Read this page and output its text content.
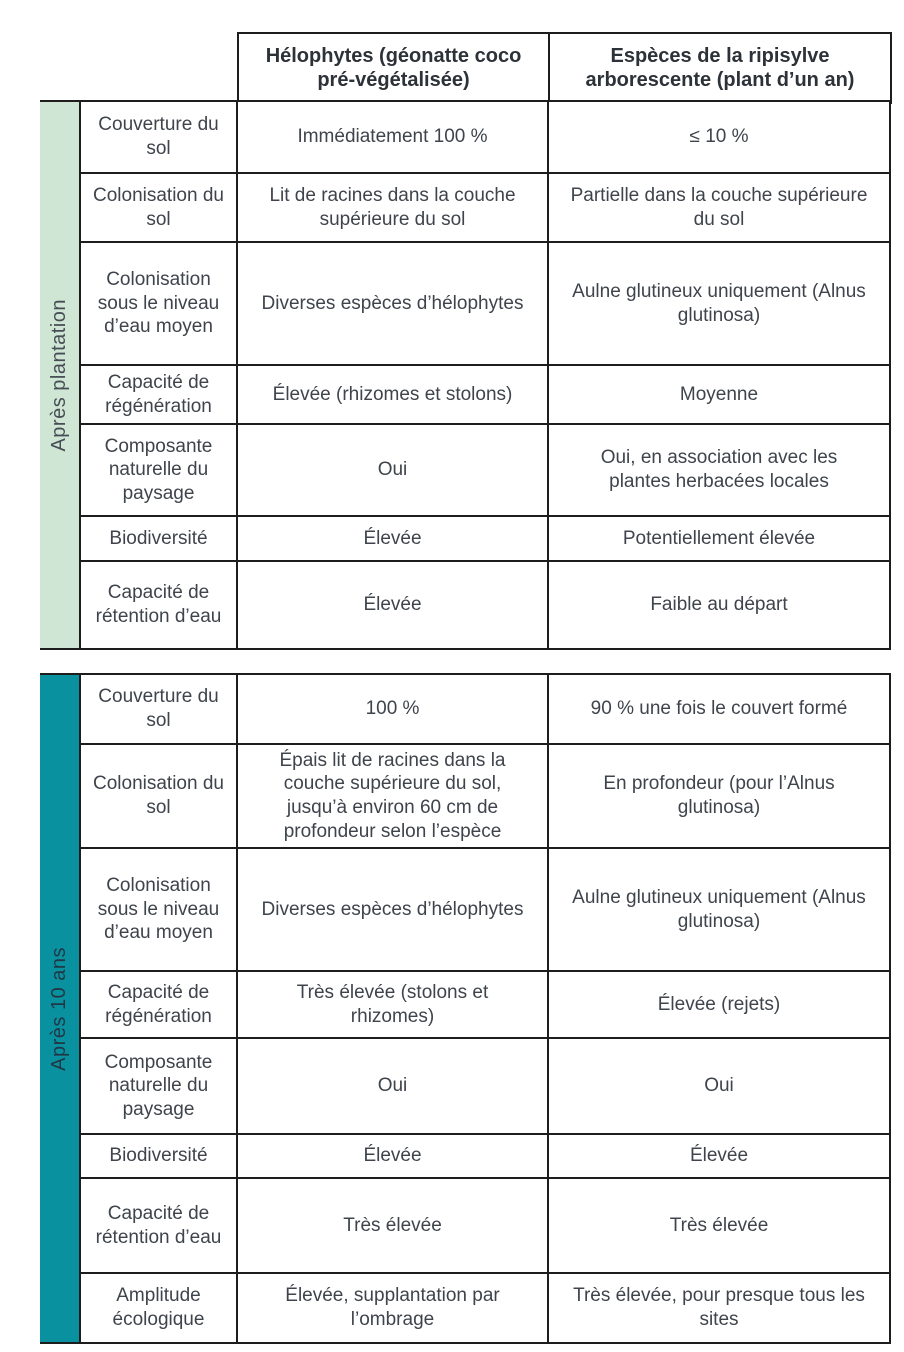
Hélophytes (géonatte coco pré-végétalisée)	Espèces de la ripisylve arborescente (plant d’un an)
Après plantation	Couverture du sol	Immédiatement 100 %	≤ 10 %
	Colonisation du sol	Lit de racines dans la couche supérieure du sol	Partielle dans la couche supérieure du sol
	Colonisation sous le niveau d’eau moyen	Diverses espèces d’hélophytes	Aulne glutineux uniquement (Alnus glutinosa)
	Capacité de régénération	Élevée (rhizomes et stolons)	Moyenne
	Composante naturelle du paysage	Oui	Oui, en association avec les plantes herbacées locales
	Biodiversité	Élevée	Potentiellement élevée
	Capacité de rétention d’eau	Élevée	Faible au départ
Après 10 ans	Couverture du sol	100 %	90 % une fois le couvert formé
	Colonisation du sol	Épais lit de racines dans la couche supérieure du sol, jusqu’à environ 60 cm de profondeur selon l’espèce	En profondeur (pour l’Alnus glutinosa)
	Colonisation sous le niveau d’eau moyen	Diverses espèces d’hélophytes	Aulne glutineux uniquement (Alnus glutinosa)
	Capacité de régénération	Très élevée (stolons et rhizomes)	Élevée (rejets)
	Composante naturelle du paysage	Oui	Oui
	Biodiversité	Élevée	Élevée
	Capacité de rétention d’eau	Très élevée	Très élevée
	Amplitude écologique	Élevée, supplantation par l’ombrage	Très élevée, pour presque tous les sites
